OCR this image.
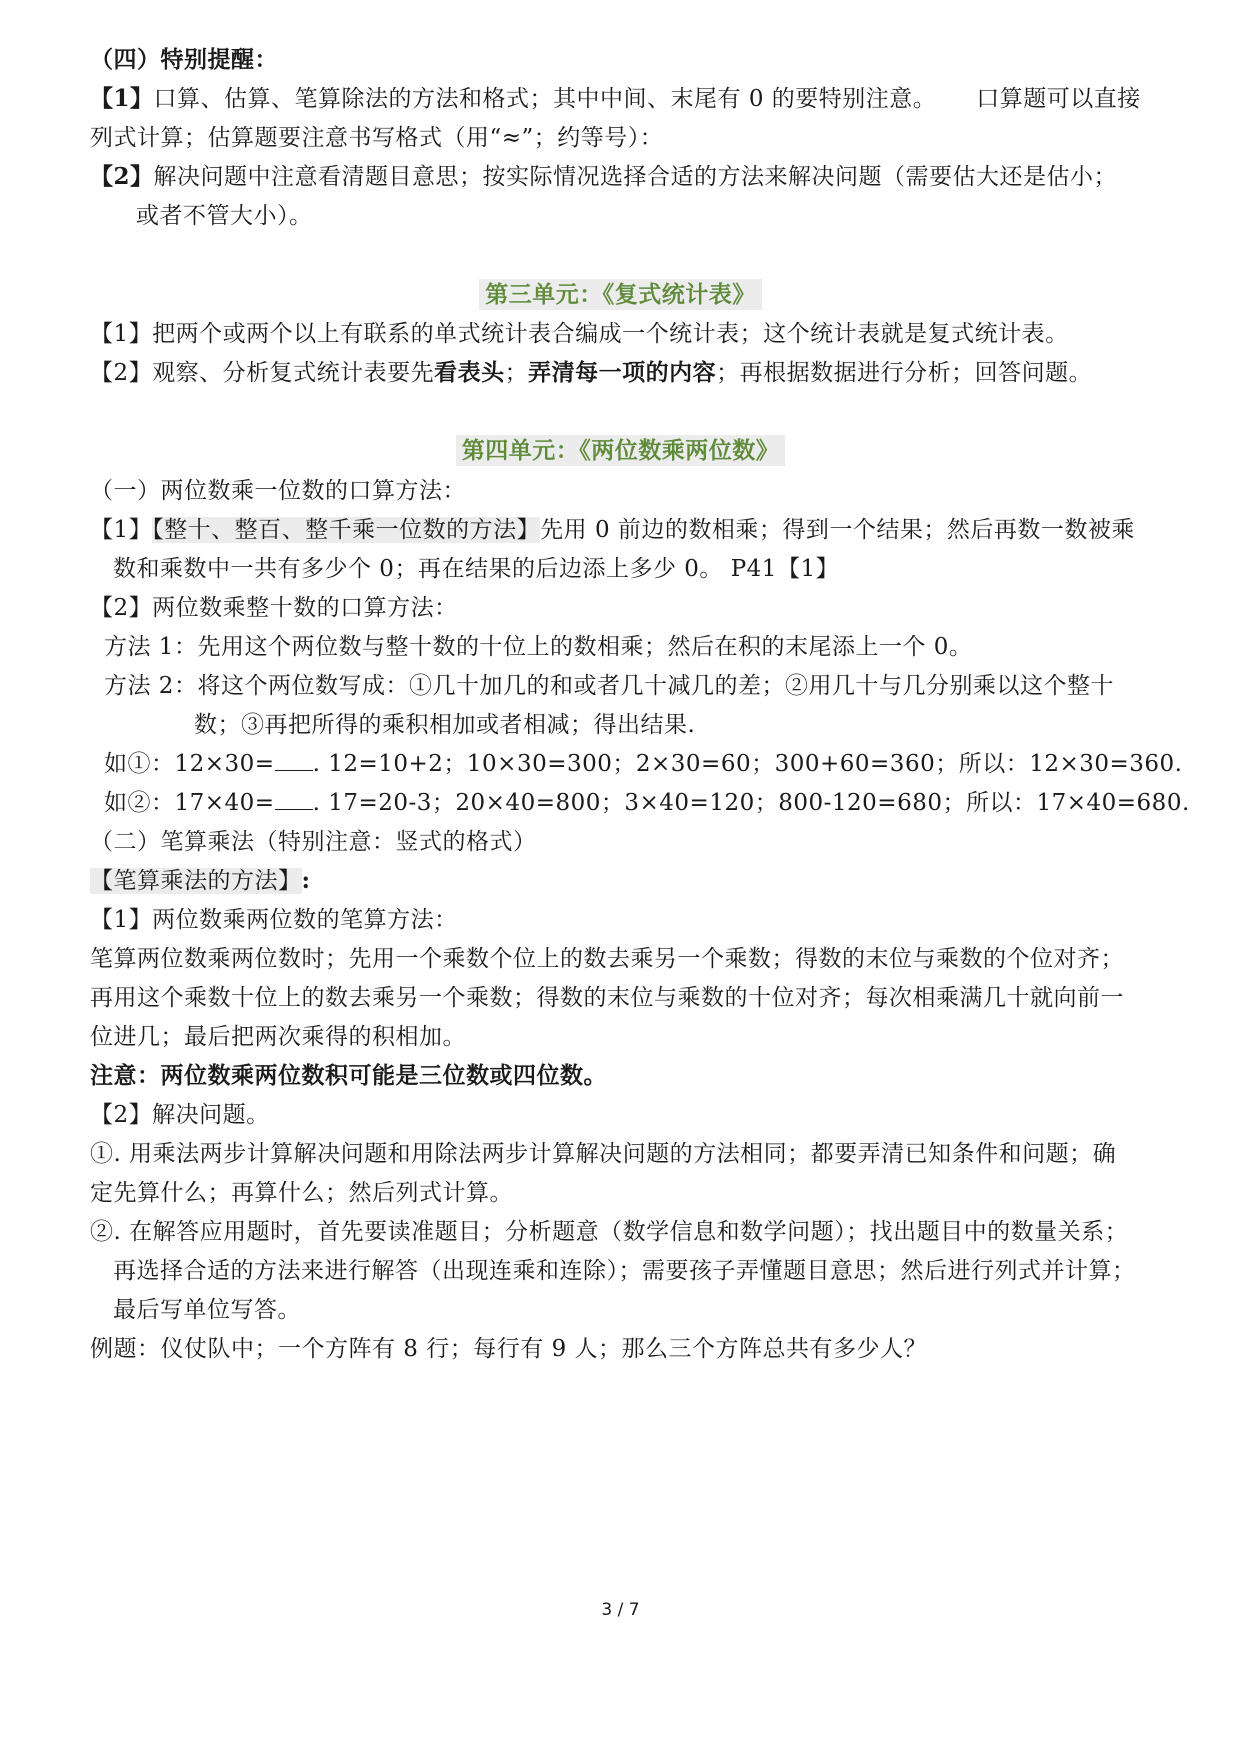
（四）特别提醒：
【1】口算、估算、笔算除法的方法和格式；其中中间、末尾有 0 的要特别注意。 口算题可以直接
列式计算；估算题要注意书写格式（用“≈”；约等号）：
【2】解决问题中注意看清题目意思；按实际情况选择合适的方法来解决问题（需要估大还是估小；
或者不管大小）。
第三单元：《复式统计表》
【1】把两个或两个以上有联系的单式统计表合编成一个统计表；这个统计表就是复式统计表。
【2】观察、分析复式统计表要先看表头；弄清每一项的内容；再根据数据进行分析；回答问题。
第四单元：《两位数乘两位数》
（一）两位数乘一位数的口算方法：
【1】【整十、整百、整千乘一位数的方法】先用 0 前边的数相乘；得到一个结果；然后再数一数被乘
数和乘数中一共有多少个 0；再在结果的后边添上多少 0。 P41【1】
【2】两位数乘整十数的口算方法：
方法 1：先用这个两位数与整十数的十位上的数相乘；然后在积的末尾添上一个 0。
方法 2：将这个两位数写成：①几十加几的和或者几十减几的差；②用几十与几分别乘以这个整十
数；③再把所得的乘积相加或者相减；得出结果.
如①：12×30= . 12=10+2；10×30=300；2×30=60；300+60=360；所以：12×30=360.
如②：17×40= . 17=20-3；20×40=800；3×40=120；800-120=680；所以：17×40=680.
（二）笔算乘法（特别注意：竖式的格式）
【笔算乘法的方法】:
【1】两位数乘两位数的笔算方法：
笔算两位数乘两位数时；先用一个乘数个位上的数去乘另一个乘数；得数的末位与乘数的个位对齐；
再用这个乘数十位上的数去乘另一个乘数；得数的末位与乘数的十位对齐；每次相乘满几十就向前一
位进几；最后把两次乘得的积相加。
注意：两位数乘两位数积可能是三位数或四位数。
【2】解决问题。
①. 用乘法两步计算解决问题和用除法两步计算解决问题的方法相同；都要弄清已知条件和问题；确
定先算什么；再算什么；然后列式计算。
②. 在解答应用题时，首先要读准题目；分析题意（数学信息和数学问题）；找出题目中的数量关系；
再选择合适的方法来进行解答（出现连乘和连除）；需要孩子弄懂题目意思；然后进行列式并计算；
最后写单位写答。
例题：仪仗队中；一个方阵有 8 行；每行有 9 人；那么三个方阵总共有多少人？
3 / 7
